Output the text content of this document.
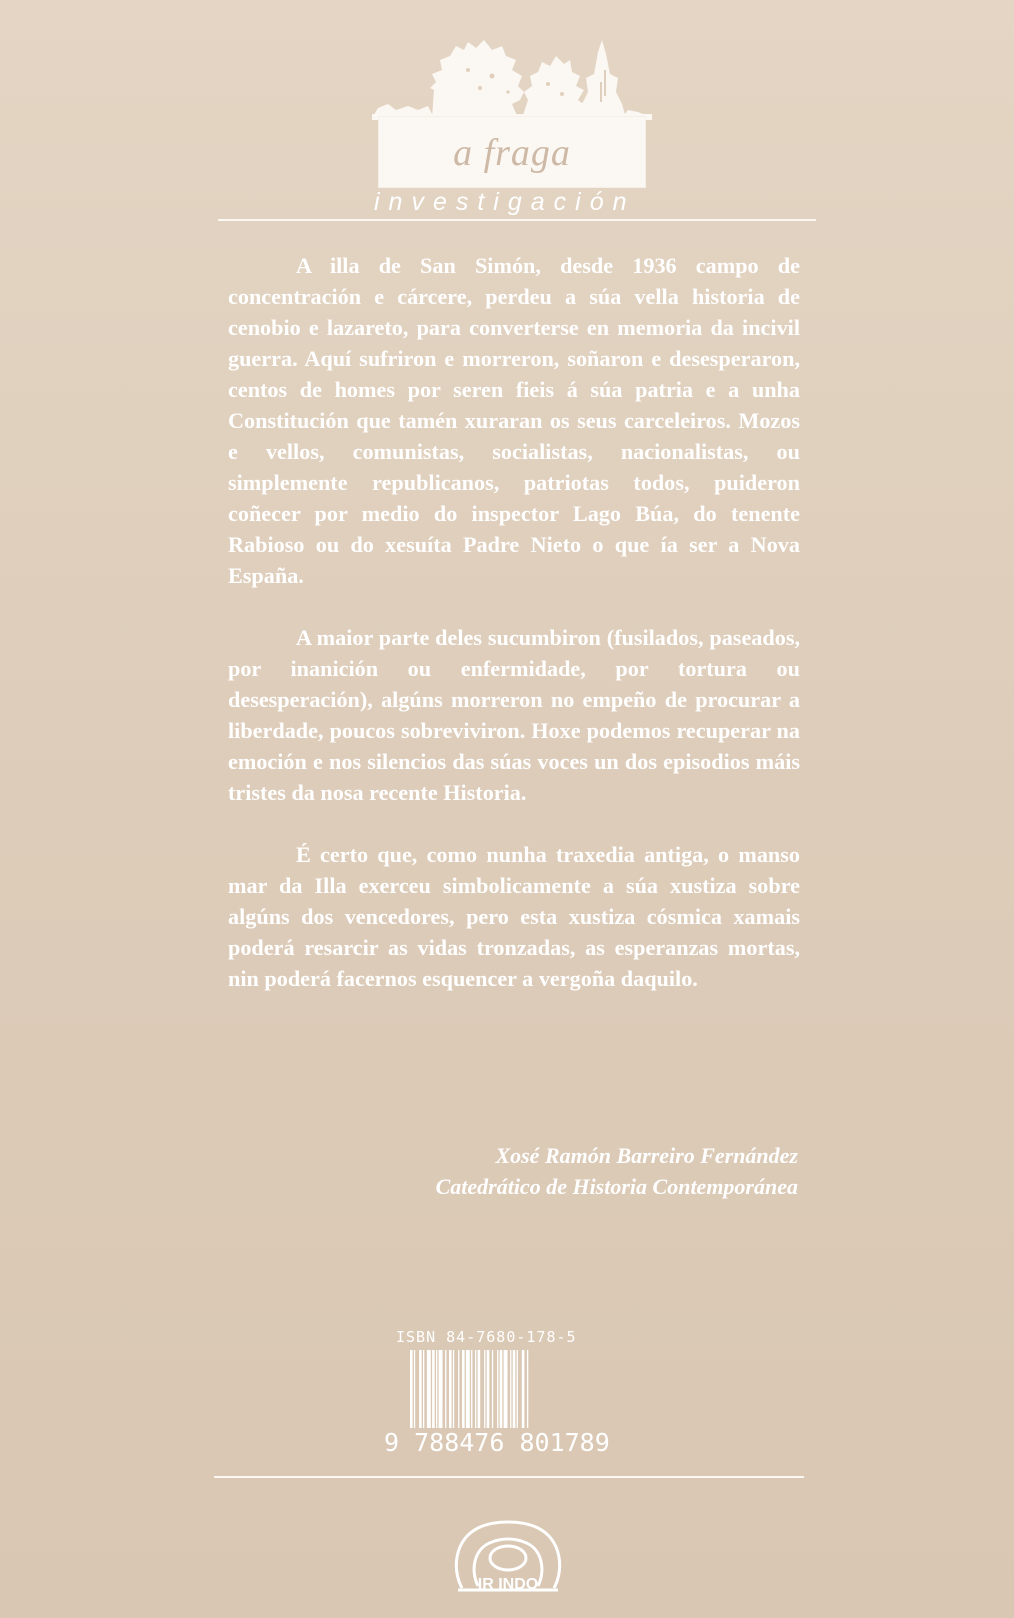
a fraga
investigación

A illa de San Simón, desde 1936 campo de concentración e cárcere, perdeu a súa vella historia de cenobio e lazareto, para converterse en memoria da incivil guerra. Aquí sufriron e morreron, soñaron e desesperaron, centos de homes por seren fieis á súa patria e a unha Constitución que tamén xuraran os seus carceleiros. Mozos e vellos, comunistas, socialistas, nacionalistas, ou simplemente republicanos, patriotas todos, puideron coñecer por medio do inspector Lago Búa, do tenente Rabioso ou do xesuíta Padre Nieto o que ía ser a Nova España.

A maior parte deles sucumbiron (fusilados, paseados, por inanición ou enfermidade, por tortura ou desesperación), algúns morreron no empeño de procurar a liberdade, poucos sobreviviron. Hoxe podemos recuperar na emoción e nos silencios das súas voces un dos episodios máis tristes da nosa recente Historia.

É certo que, como nunha traxedia antiga, o manso mar da Illa exerceu simbolicamente a súa xustiza sobre algúns dos vencedores, pero esta xustiza cósmica xamais poderá resarcir as vidas tronzadas, as esperanzas mortas, nin poderá facernos esquencer a vergoña daquilo.

Xosé Ramón Barreiro Fernández
Catedrático de Historia Contemporánea
ISBN 84-7680-178-5
9 788476 801789
IR INDO
